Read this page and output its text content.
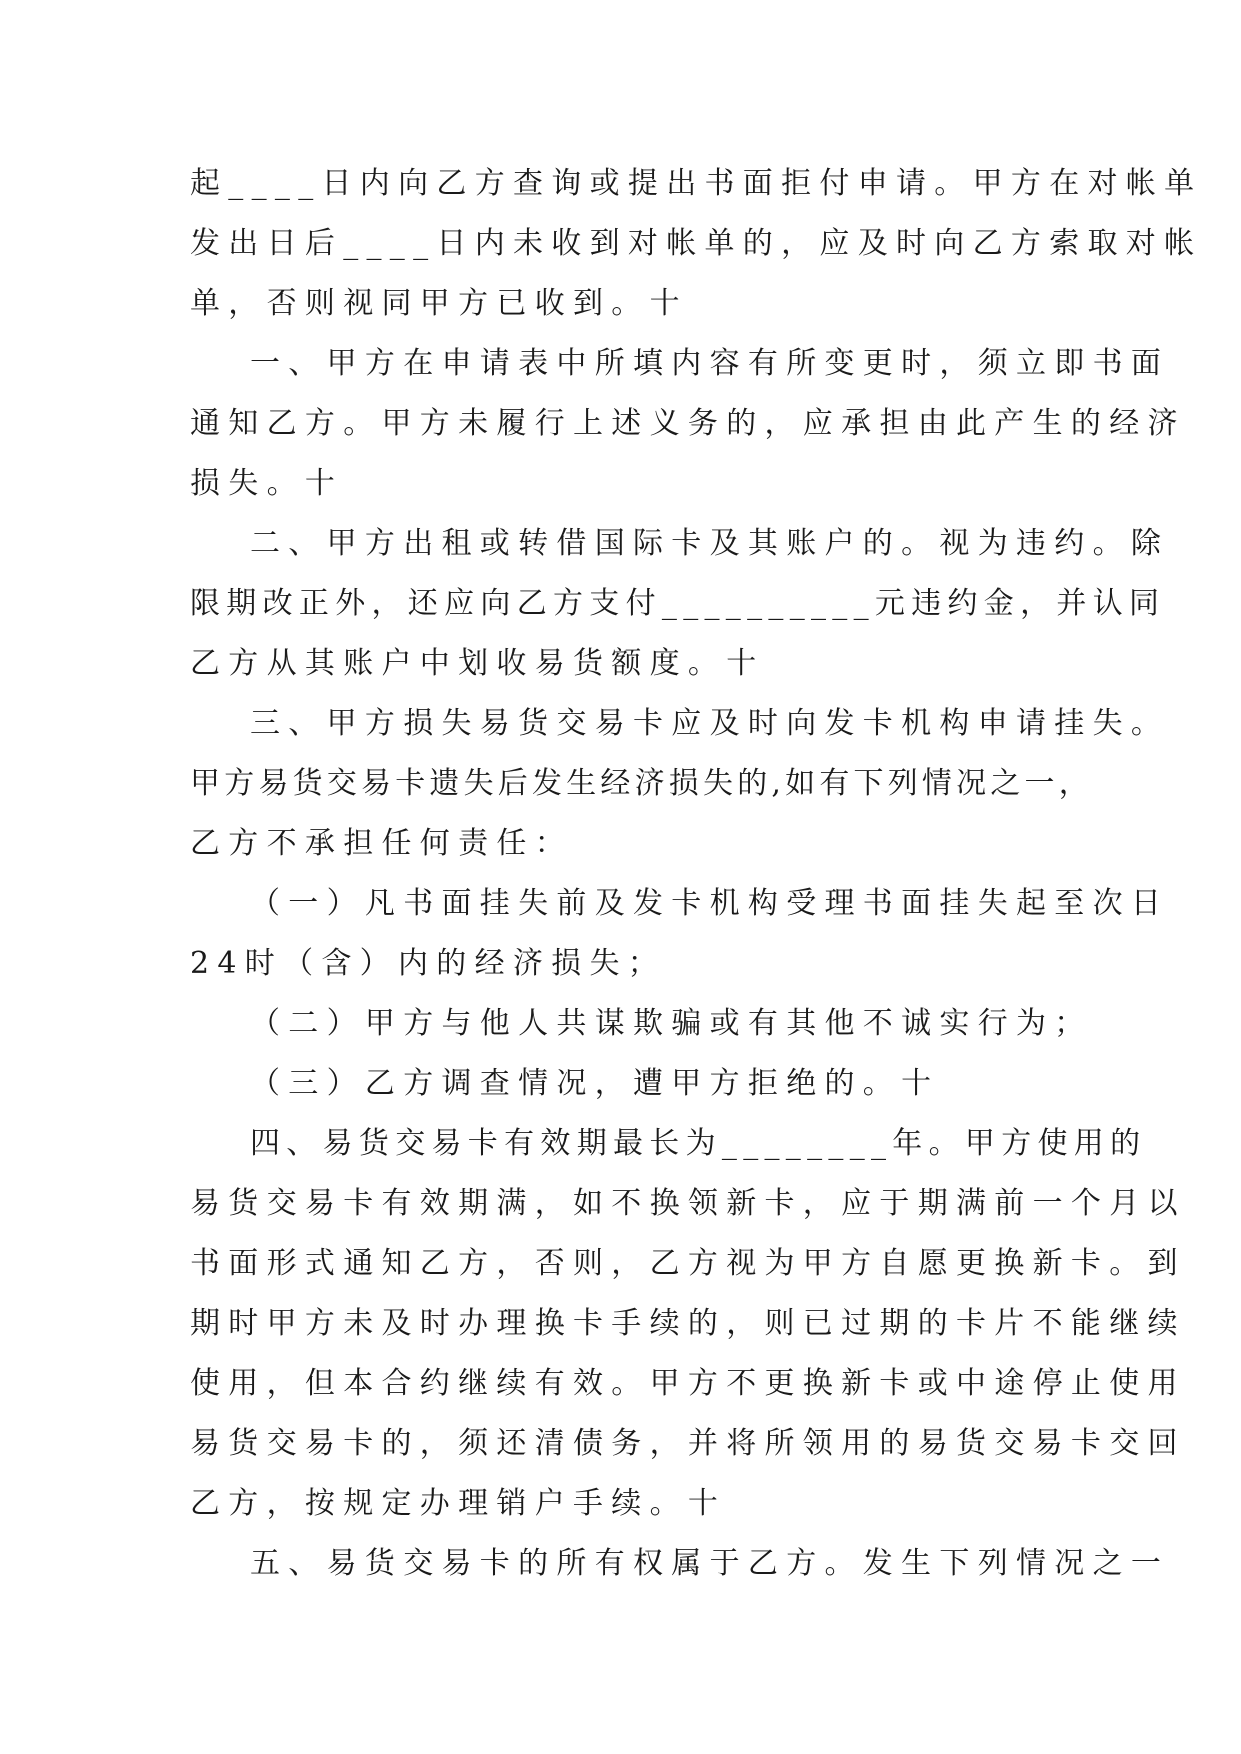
起____日内向乙方查询或提出书面拒付申请。甲方在对帐单
发出日后____日内未收到对帐单的，应及时向乙方索取对帐
单，否则视同甲方已收到。十
一、甲方在申请表中所填内容有所变更时，须立即书面
通知乙方。甲方未履行上述义务的，应承担由此产生的经济
损失。十
二、甲方出租或转借国际卡及其账户的。视为违约。除
限期改正外，还应向乙方支付__________元违约金，并认同
乙方从其账户中划收易货额度。十
三、甲方损失易货交易卡应及时向发卡机构申请挂失。
甲方易货交易卡遗失后发生经济损失的,如有下列情况之一，
乙方不承担任何责任：
（一）凡书面挂失前及发卡机构受理书面挂失起至次日
24时（含）内的经济损失；
（二）甲方与他人共谋欺骗或有其他不诚实行为；
（三）乙方调查情况，遭甲方拒绝的。十
四、易货交易卡有效期最长为________年。甲方使用的
易货交易卡有效期满，如不换领新卡，应于期满前一个月以
书面形式通知乙方，否则，乙方视为甲方自愿更换新卡。到
期时甲方未及时办理换卡手续的，则已过期的卡片不能继续
使用，但本合约继续有效。甲方不更换新卡或中途停止使用
易货交易卡的，须还清债务，并将所领用的易货交易卡交回
乙方，按规定办理销户手续。十
五、易货交易卡的所有权属于乙方。发生下列情况之一
